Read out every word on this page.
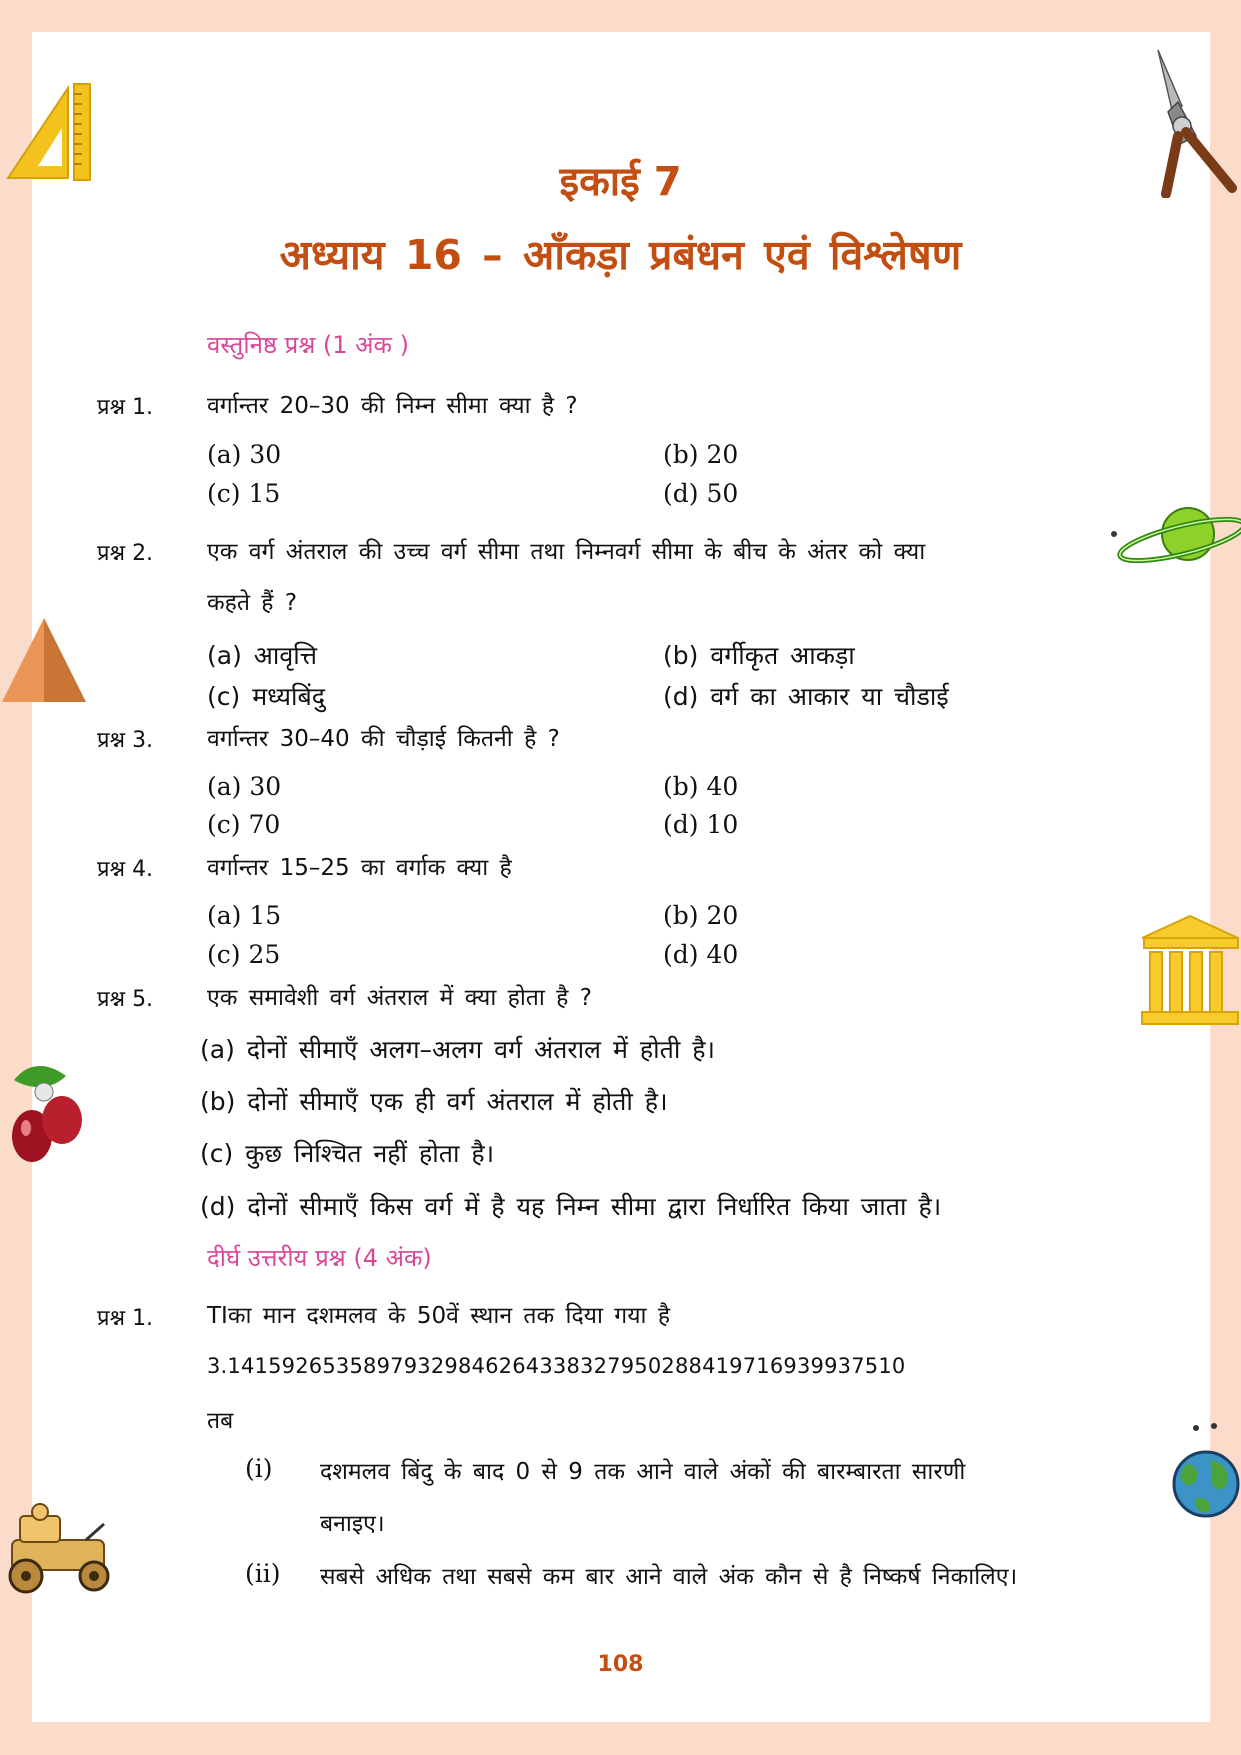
इकाई 7
अध्याय 16 – आँकड़ा प्रबंधन एवं विश्लेषण
वस्तुनिष्ठ प्रश्न (1 अंक )
प्रश्न 1. वर्गान्तर 20–30 की निम्न सीमा क्या है ?
(a) 30	(b) 20
(c) 15	(d) 50
प्रश्न 2. एक वर्ग अंतराल की उच्च वर्ग सीमा तथा निम्नवर्ग सीमा के बीच के अंतर को क्या
कहते हैं ?
(a) आवृत्ति	(b) वर्गीकृत आकड़ा
(c) मध्यबिंदु	(d) वर्ग का आकार या चौडाई
प्रश्न 3. वर्गान्तर 30–40 की चौड़ाई कितनी है ?
(a) 30	(b) 40
(c) 70	(d) 10
प्रश्न 4. वर्गान्तर 15–25 का वर्गाक क्या है
(a) 15	(b) 20
(c) 25	(d) 40
प्रश्न 5. एक समावेशी वर्ग अंतराल में क्या होता है ?
(a) दोनों सीमाएँ अलग–अलग वर्ग अंतराल में होती है।
(b) दोनों सीमाएँ एक ही वर्ग अंतराल में होती है।
(c) कुछ निश्चित नहीं होता है।
(d) दोनों सीमाएँ किस वर्ग में है यह निम्न सीमा द्वारा निर्धारित किया जाता है।
दीर्घ उत्तरीय प्रश्न (4 अंक)
प्रश्न 1. TIका मान दशमलव के 50वें स्थान तक दिया गया है
3.14159265358979329846264338327950288419716939937510
तब
(i) दशमलव बिंदु के बाद 0 से 9 तक आने वाले अंकों की बारम्बारता सारणी
बनाइए।
(ii) सबसे अधिक तथा सबसे कम बार आने वाले अंक कौन से है निष्कर्ष निकालिए।
108
